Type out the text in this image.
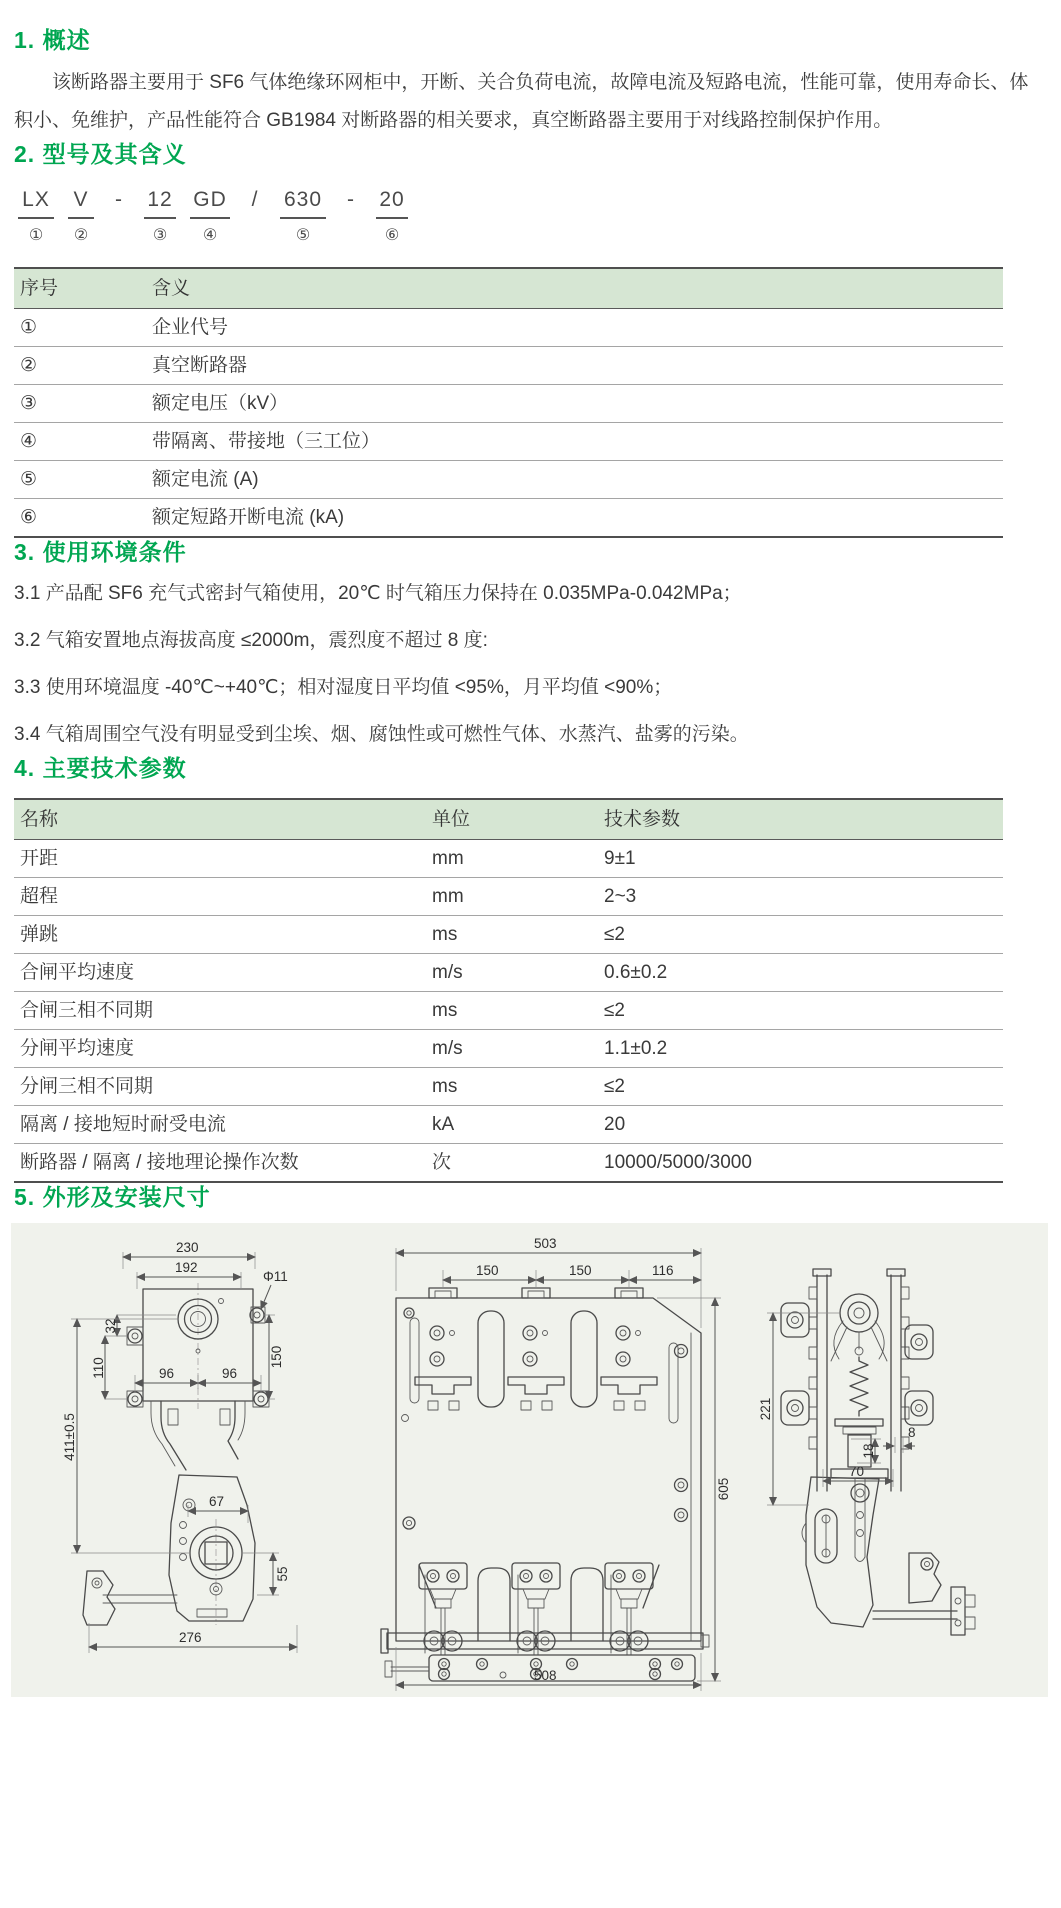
1. 概述

该断路器主要用于 SF6 气体绝缘环网柜中，开断、关合负荷电流，故障电流及短路电流，性能可靠，使用寿命长、体积小、免维护，产品性能符合 GB1984 对断路器的相关要求，真空断路器主要用于对线路控制保护作用。

2. 型号及其含义
LX
①
V
②
- 12
③
GD
④
/ 630
⑤
- 20
⑥
序号	含义
①	企业代号
②	真空断路器
③	额定电压（kV）
④	带隔离、带接地（三工位）
⑤	额定电流 (A)
⑥	额定短路开断电流 (kA)
3. 使用环境条件

3.1 产品配 SF6 充气式密封气箱使用，20℃ 时气箱压力保持在 0.035MPa-0.042MPa；

3.2 气箱安置地点海拔高度 ≤2000m，震烈度不超过 8 度:

3.3 使用环境温度 -40℃~+40℃；相对湿度日平均值 <95%，月平均值 <90%；

3.4 气箱周围空气没有明显受到尘埃、烟、腐蚀性或可燃性气体、水蒸汽、盐雾的污染。

4. 主要技术参数
名称	单位	技术参数
开距	mm	9±1
超程	mm	2~3
弹跳	ms	≤2
合闸平均速度	m/s	0.6±0.2
合闸三相不同期	ms	≤2
分闸平均速度	m/s	1.1±0.2
分闸三相不同期	ms	≤2
隔离 / 接地短时耐受电流	kA	20
断路器 / 隔离 / 接地理论操作次数	次	10000/5000/3000
5. 外形及安装尺寸
230
192
Φ11
32
110	150
96	96
411±0.5
67
55
276
503
150	150	116
605
508
221
8
18
70
